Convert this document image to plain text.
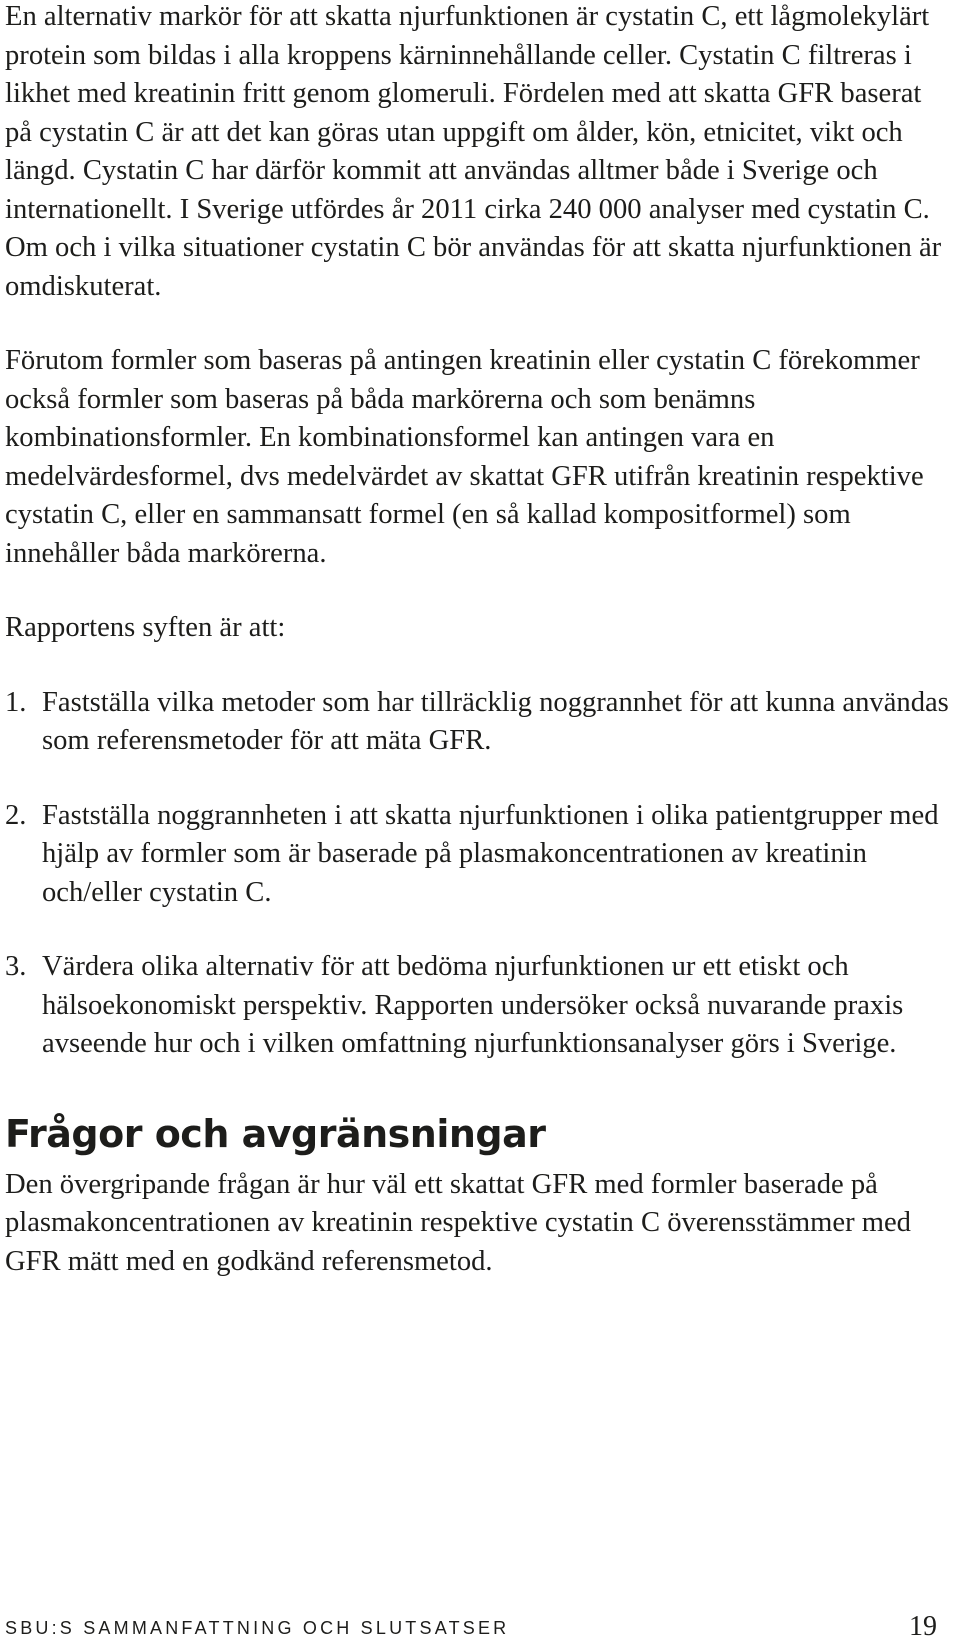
En alternativ markör för att skatta njurfunktionen är cystatin C, ett lågmolekylärt protein som bildas i alla kroppens kärninnehållande celler. Cystatin C filtreras i likhet med kreatinin fritt genom glomeruli. Fördelen med att skatta GFR baserat på cystatin C är att det kan göras utan uppgift om ålder, kön, etnicitet, vikt och längd. Cystatin C har därför kommit att användas alltmer både i Sverige och internationellt. I Sverige utfördes år 2011 cirka 240 000 analyser med cystatin C. Om och i vilka situationer cystatin C bör användas för att skatta njurfunktionen är omdiskuterat.

Förutom formler som baseras på antingen kreatinin eller cystatin C förekommer också formler som baseras på båda markörerna och som benämns kombinationsformler. En kombinationsformel kan antingen vara en medelvärdesformel, dvs medelvärdet av skattat GFR utifrån kreatinin respektive cystatin C, eller en sammansatt formel (en så kallad kompositformel) som innehåller båda markörerna.

Rapportens syften är att:

1. Fastställa vilka metoder som har tillräcklig noggrannhet för att kunna användas som referensmetoder för att mäta GFR.
2. Fastställa noggrannheten i att skatta njurfunktionen i olika patientgrupper med hjälp av formler som är baserade på plasmakoncentrationen av kreatinin och/eller cystatin C.
3. Värdera olika alternativ för att bedöma njurfunktionen ur ett etiskt och hälsoekonomiskt perspektiv. Rapporten undersöker också nuvarande praxis avseende hur och i vilken omfattning njurfunktionsanalyser görs i Sverige.
Frågor och avgränsningar

Den övergripande frågan är hur väl ett skattat GFR med formler baserade på plasmakoncentrationen av kreatinin respektive cystatin C överensstämmer med GFR mätt med en godkänd referensmetod.

SBU:S SAMMANFATTNING OCH SLUTSATSER	19
